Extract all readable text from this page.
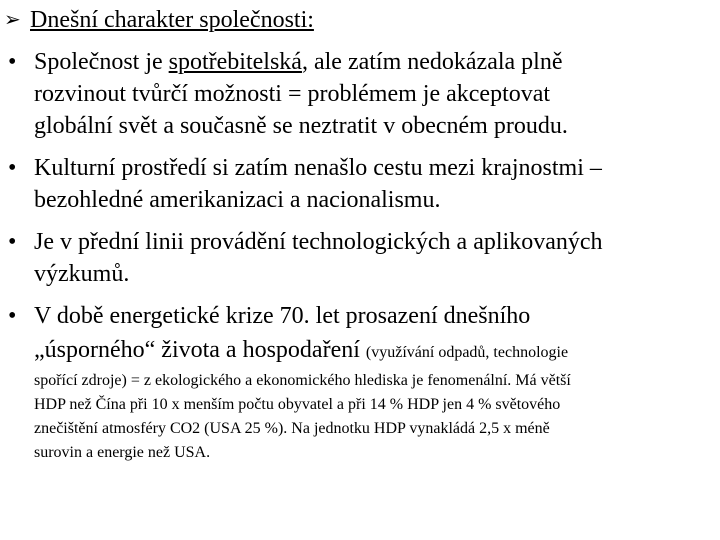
➢ Dnešní charakter společnosti:
• Společnost je spotřebitelská, ale zatím nedokázala plně
rozvinout tvůrčí možnosti = problémem je akceptovat
globální svět a současně se neztratit v obecném proudu.
• Kulturní prostředí si zatím nenašlo cestu mezi krajnostmi –
bezohledné amerikanizaci a nacionalismu.
• Je v přední linii provádění technologických a aplikovaných
výzkumů.
• V době energetické krize 70. let prosazení dnešního
„úsporného“ života a hospodaření (využívání odpadů, technologie
spořící zdroje) = z ekologického a ekonomického hlediska je fenomenální. Má větší
HDP než Čína při 10 x menším počtu obyvatel a při 14 % HDP jen 4 % světového
znečištění atmosféry CO2 (USA 25 %). Na jednotku HDP vynakládá 2,5 x méně
surovin a energie než USA.
